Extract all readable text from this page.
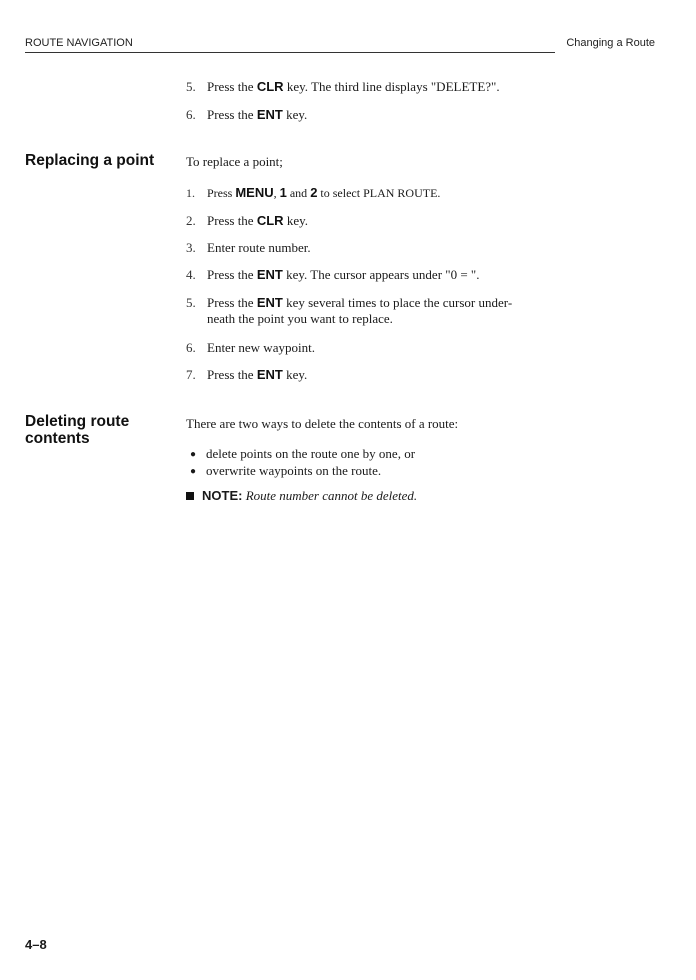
ROUTE NAVIGATION	Changing a Route
5. Press the CLR key. The third line displays "DELETE?".
6. Press the ENT key.
Replacing a point To replace a point;
1. Press MENU, 1 and 2 to select PLAN ROUTE.
2. Press the CLR key.
3. Enter route number.
4. Press the ENT key. The cursor appears under "0 = ".
5. Press the ENT key several times to place the cursor under-
neath the point you want to replace.
6. Enter new waypoint.
7. Press the ENT key.
Deleting route
contents
There are two ways to delete the contents of a route:
● delete points on the route one by one, or
● overwrite waypoints on the route.
NOTE: Route number cannot be deleted.
4–8
